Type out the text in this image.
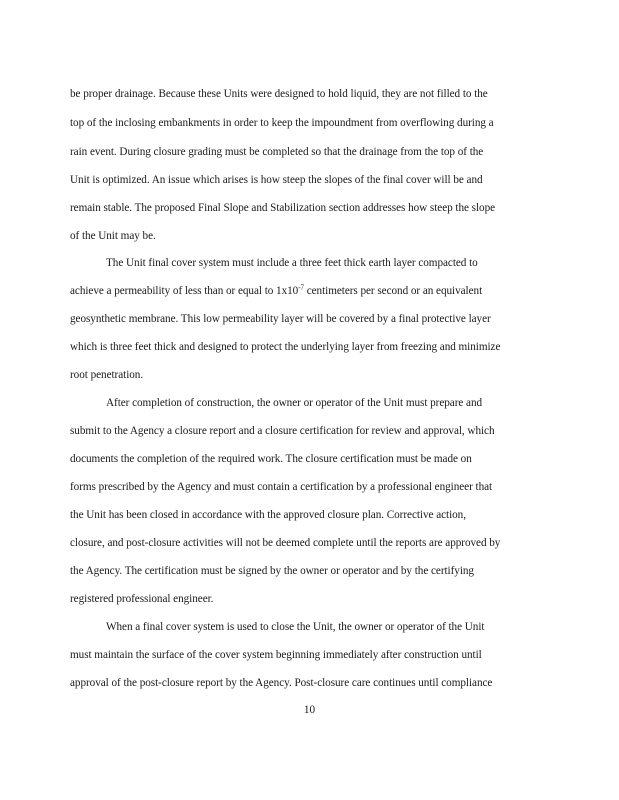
be proper drainage. Because these Units were designed to hold liquid, they are not filled to the
top of the inclosing embankments in order to keep the impoundment from overflowing during a
rain event. During closure grading must be completed so that the drainage from the top of the
Unit is optimized. An issue which arises is how steep the slopes of the final cover will be and
remain stable. The proposed Final Slope and Stabilization section addresses how steep the slope
of the Unit may be.
The Unit final cover system must include a three feet thick earth layer compacted to
achieve a permeability of less than or equal to $1x10^{-7}$ centimeters per second or an equivalent
geosynthetic membrane. This low permeability layer will be covered by a final protective layer
which is three feet thick and designed to protect the underlying layer from freezing and minimize
root penetration.
After completion of construction, the owner or operator of the Unit must prepare and
submit to the Agency a closure report and a closure certification for review and approval, which
documents the completion of the required work. The closure certification must be made on
forms prescribed by the Agency and must contain a certification by a professional engineer that
the Unit has been closed in accordance with the approved closure plan. Corrective action,
closure, and post-closure activities will not be deemed complete until the reports are approved by
the Agency. The certification must be signed by the owner or operator and by the certifying
registered professional engineer.
When a final cover system is used to close the Unit, the owner or operator of the Unit
must maintain the surface of the cover system beginning immediately after construction until
approval of the post-closure report by the Agency. Post-closure care continues until compliance
10
